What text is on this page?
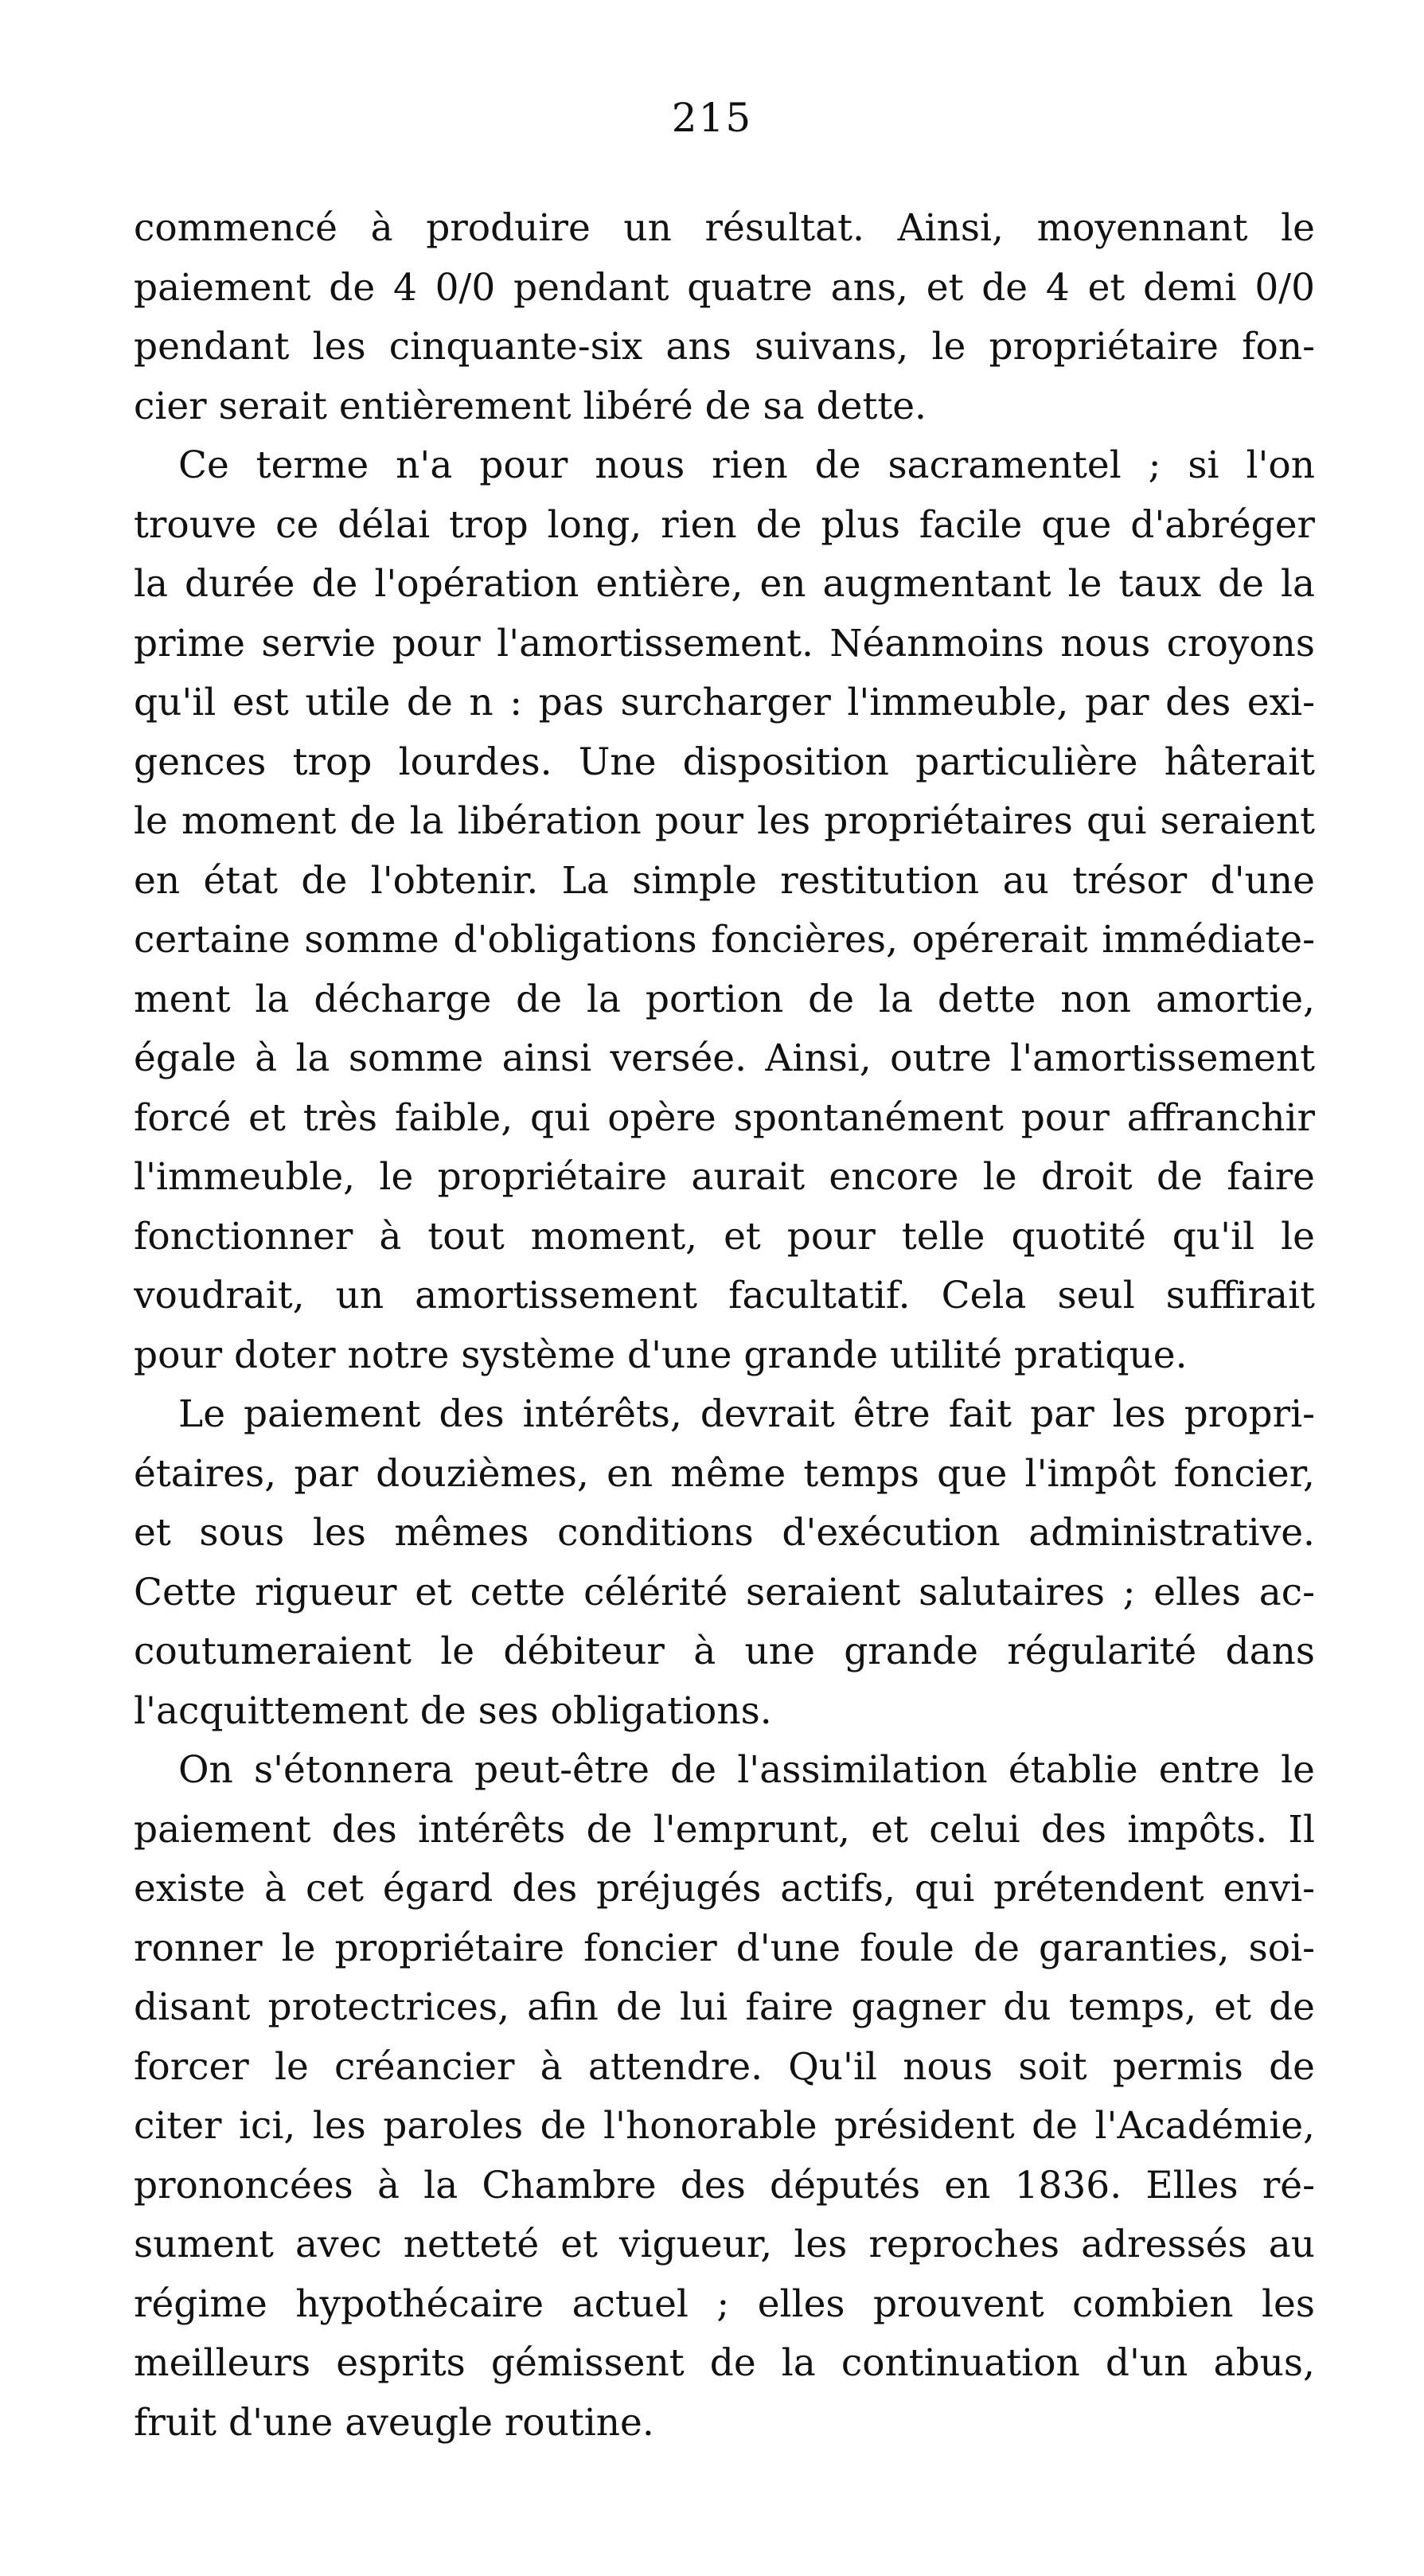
215
commencé à produire un résultat. Ainsi, moyennant le
paiement de 4 0/0 pendant quatre ans, et de 4 et demi 0/0
pendant les cinquante-six ans suivans, le propriétaire fon-
cier serait entièrement libéré de sa dette.
Ce terme n'a pour nous rien de sacramentel ; si l'on
trouve ce délai trop long, rien de plus facile que d'abréger
la durée de l'opération entière, en augmentant le taux de la
prime servie pour l'amortissement. Néanmoins nous croyons
qu'il est utile de n : pas surcharger l'immeuble, par des exi-
gences trop lourdes. Une disposition particulière hâterait
le moment de la libération pour les propriétaires qui seraient
en état de l'obtenir. La simple restitution au trésor d'une
certaine somme d'obligations foncières, opérerait immédiate-
ment la décharge de la portion de la dette non amortie,
égale à la somme ainsi versée. Ainsi, outre l'amortissement
forcé et très faible, qui opère spontanément pour affranchir
l'immeuble, le propriétaire aurait encore le droit de faire
fonctionner à tout moment, et pour telle quotité qu'il le
voudrait, un amortissement facultatif. Cela seul suffirait
pour doter notre système d'une grande utilité pratique.
Le paiement des intérêts, devrait être fait par les propri-
étaires, par douzièmes, en même temps que l'impôt foncier,
et sous les mêmes conditions d'exécution administrative.
Cette rigueur et cette célérité seraient salutaires ; elles ac-
coutumeraient le débiteur à une grande régularité dans
l'acquittement de ses obligations.
On s'étonnera peut-être de l'assimilation établie entre le
paiement des intérêts de l'emprunt, et celui des impôts. Il
existe à cet égard des préjugés actifs, qui prétendent envi-
ronner le propriétaire foncier d'une foule de garanties, soi-
disant protectrices, afin de lui faire gagner du temps, et de
forcer le créancier à attendre. Qu'il nous soit permis de
citer ici, les paroles de l'honorable président de l'Académie,
prononcées à la Chambre des députés en 1836. Elles ré-
sument avec netteté et vigueur, les reproches adressés au
régime hypothécaire actuel ; elles prouvent combien les
meilleurs esprits gémissent de la continuation d'un abus,
fruit d'une aveugle routine.
